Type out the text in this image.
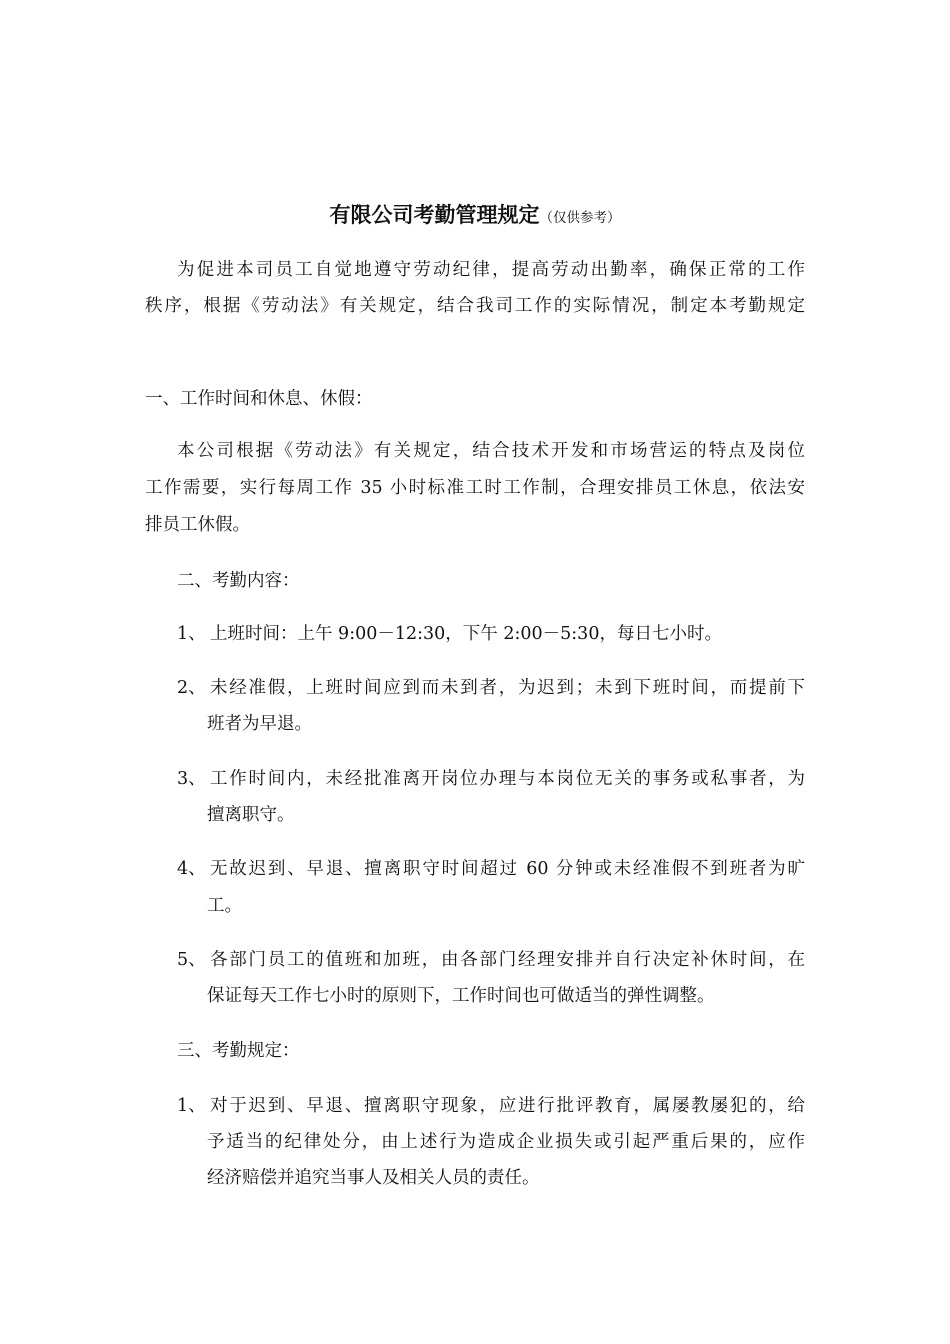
有限公司考勤管理规定（仅供参考）
为促进本司员工自觉地遵守劳动纪律，提高劳动出勤率，确保正常的工作
秩序，根据《劳动法》有关规定，结合我司工作的实际情况，制定本考勤规定
一、工作时间和休息、休假：
本公司根据《劳动法》有关规定，结合技术开发和市场营运的特点及岗位
工作需要，实行每周工作 35 小时标准工时工作制，合理安排员工休息，依法安
排员工休假。
二、考勤内容：
1、 上班时间：上午 9:00－12:30，下午 2:00－5:30，每日七小时。
2、 未经准假，上班时间应到而未到者，为迟到；未到下班时间，而提前下
班者为早退。
3、 工作时间内，未经批准离开岗位办理与本岗位无关的事务或私事者，为
擅离职守。
4、 无故迟到、早退、擅离职守时间超过 60 分钟或未经准假不到班者为旷
工。
5、 各部门员工的值班和加班，由各部门经理安排并自行决定补休时间，在
保证每天工作七小时的原则下，工作时间也可做适当的弹性调整。
三、考勤规定：
1、 对于迟到、早退、擅离职守现象，应进行批评教育，属屡教屡犯的，给
予适当的纪律处分，由上述行为造成企业损失或引起严重后果的，应作
经济赔偿并追究当事人及相关人员的责任。
